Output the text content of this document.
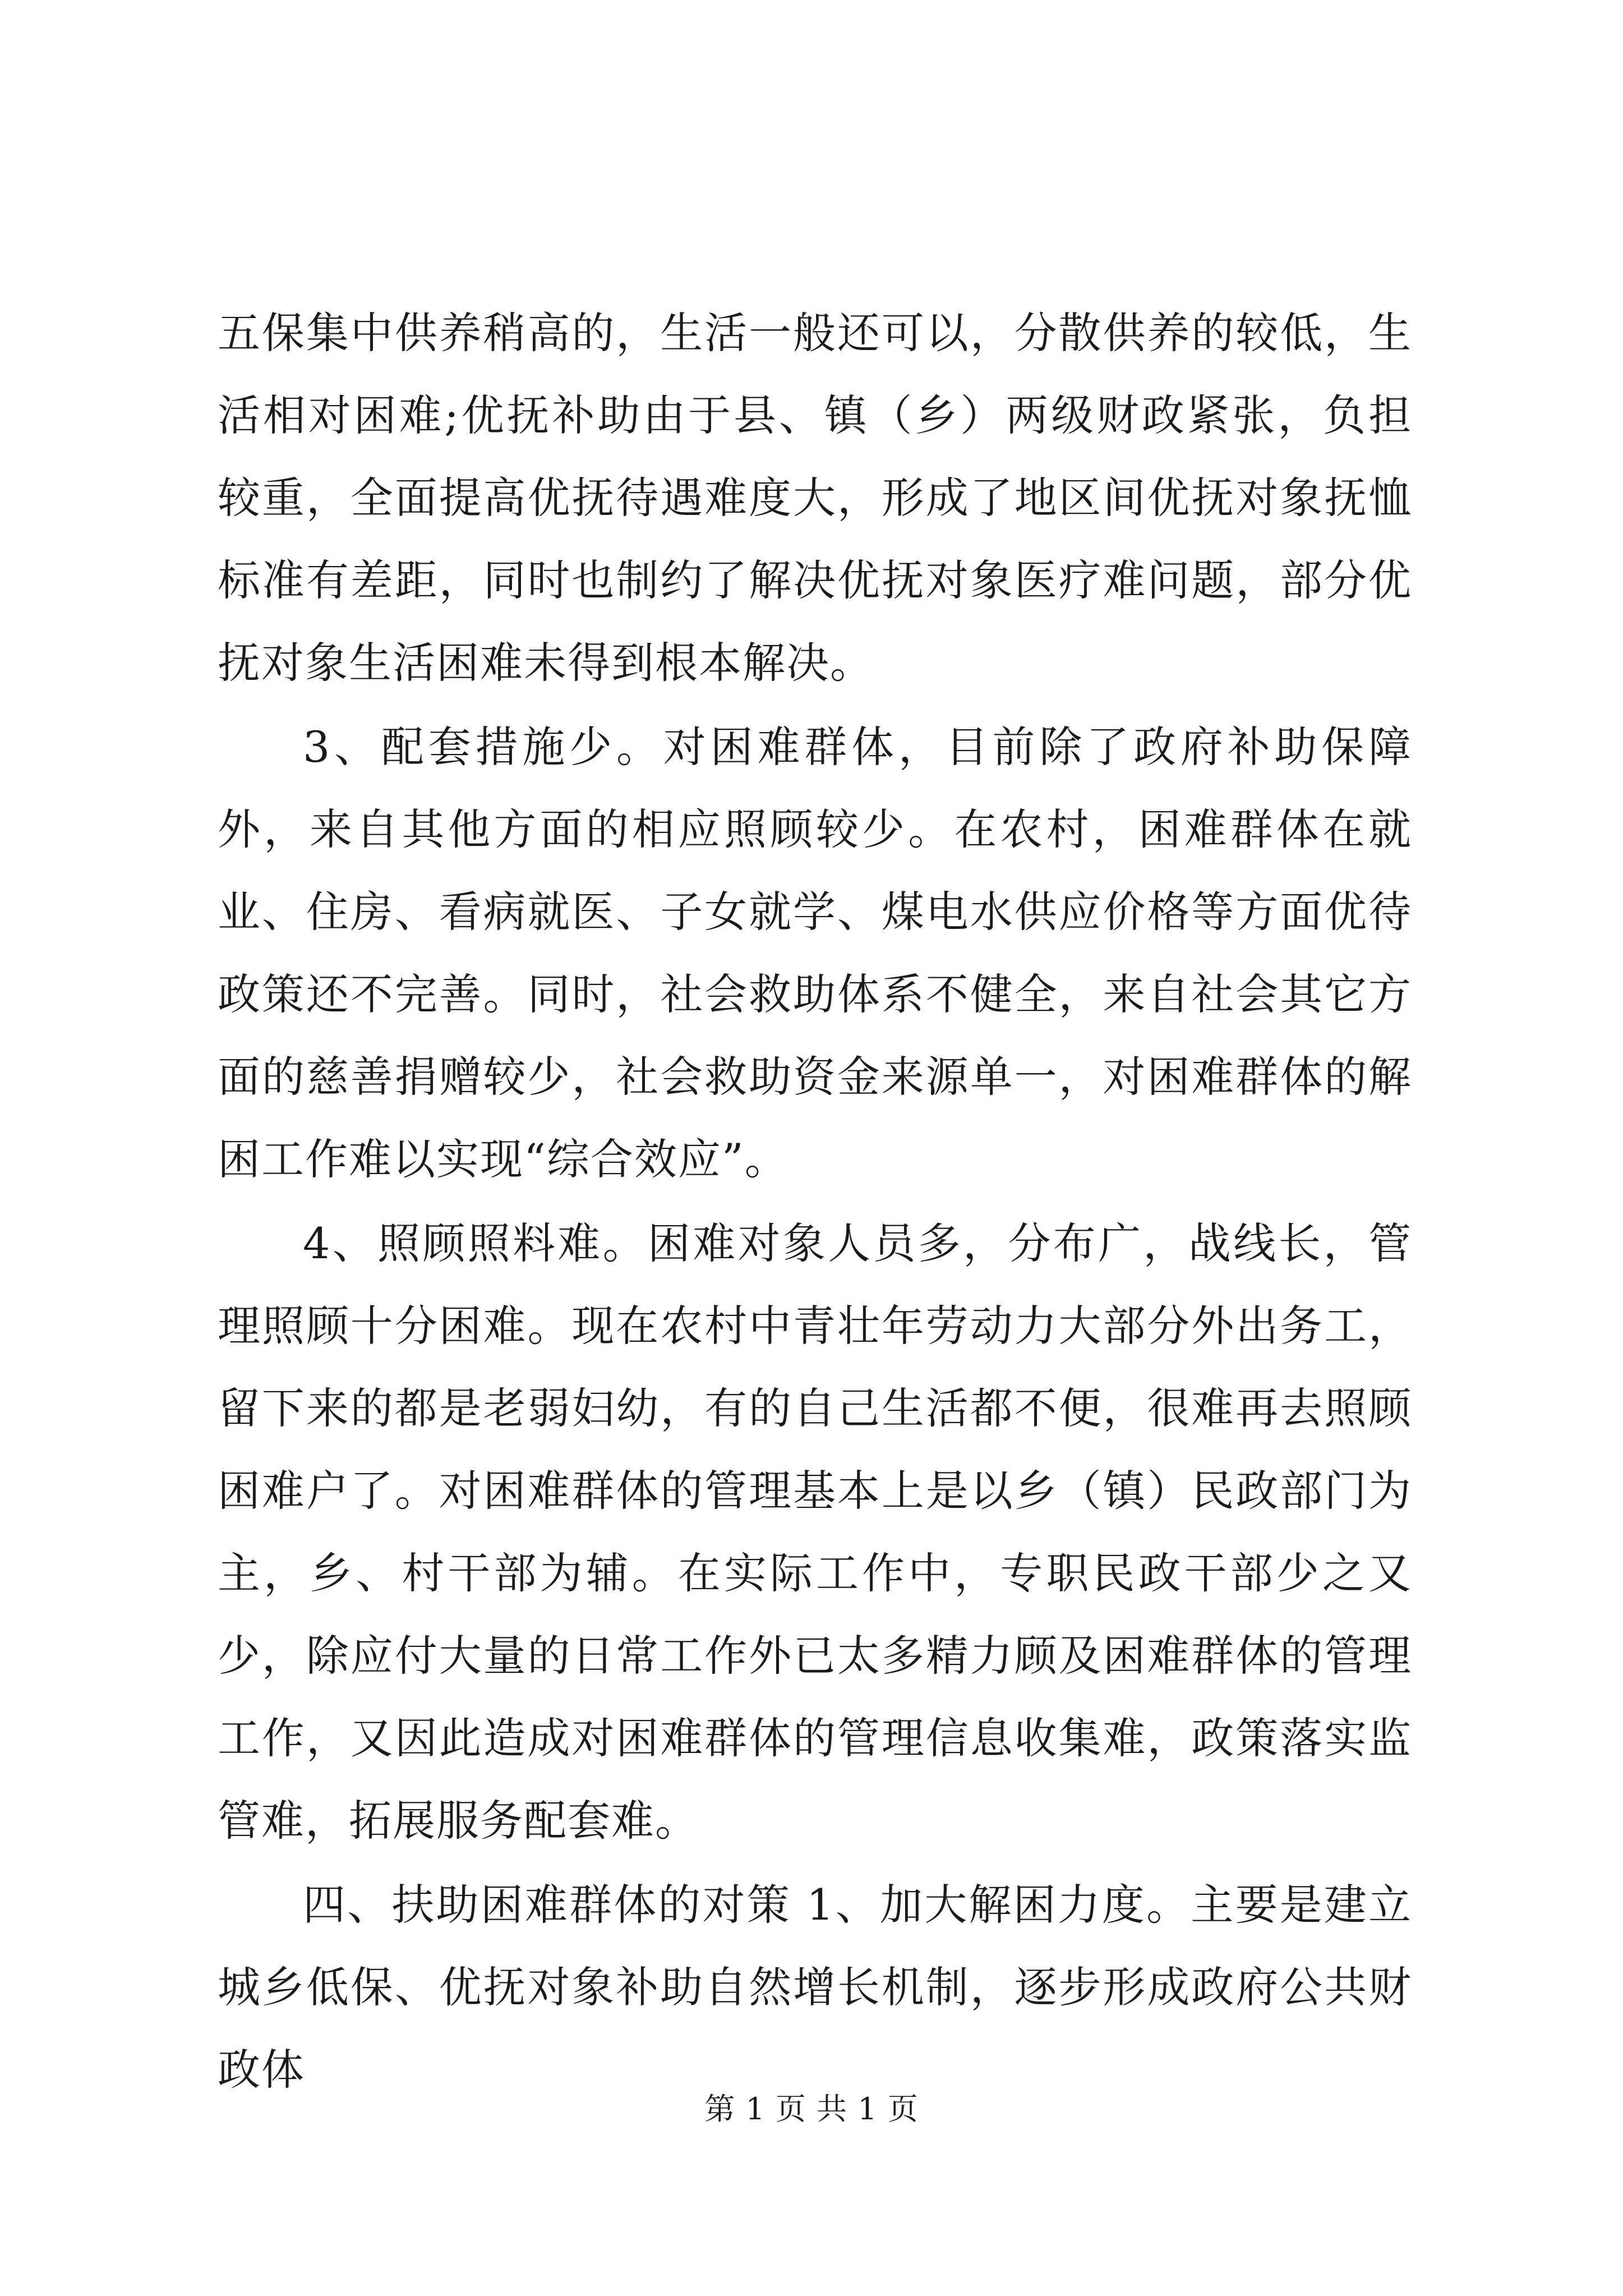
五保集中供养稍高的，生活一般还可以，分散供养的较低，生活相对困难;优抚补助由于县、镇（乡）两级财政紧张，负担较重，全面提高优抚待遇难度大，形成了地区间优抚对象抚恤标准有差距，同时也制约了解决优抚对象医疗难问题，部分优抚对象生活困难未得到根本解决。

3、配套措施少。对困难群体，目前除了政府补助保障外，来自其他方面的相应照顾较少。在农村，困难群体在就业、住房、看病就医、子女就学、煤电水供应价格等方面优待政策还不完善。同时，社会救助体系不健全，来自社会其它方面的慈善捐赠较少，社会救助资金来源单一，对困难群体的解困工作难以实现“综合效应”。

4、照顾照料难。困难对象人员多，分布广，战线长，管理照顾十分困难。现在农村中青壮年劳动力大部分外出务工，留下来的都是老弱妇幼，有的自己生活都不便，很难再去照顾困难户了。对困难群体的管理基本上是以乡（镇）民政部门为主，乡、村干部为辅。在实际工作中，专职民政干部少之又少，除应付大量的日常工作外已太多精力顾及困难群体的管理工作，又因此造成对困难群体的管理信息收集难，政策落实监管难，拓展服务配套难。

四、扶助困难群体的对策 1、加大解困力度。主要是建立城乡低保、优抚对象补助自然增长机制，逐步形成政府公共财政体

第 1 页 共 1 页
